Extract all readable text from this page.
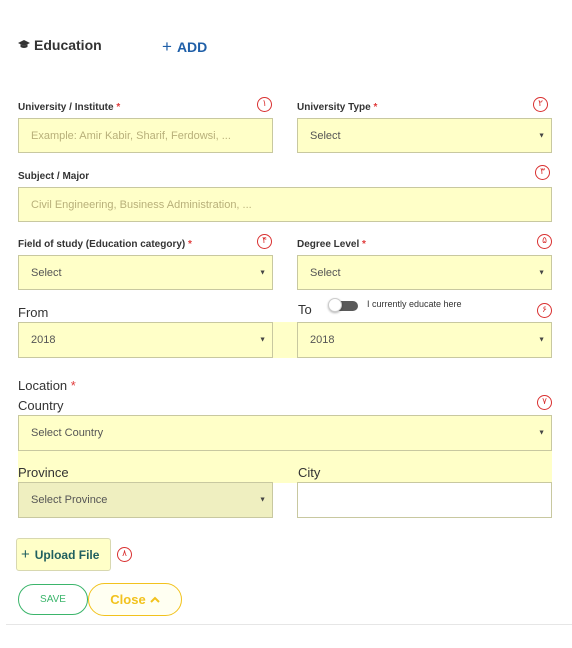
Education	+ ADD
University / Institute *	١
Example: Amir Kabir, Sharif, Ferdowsi, ...
University Type *	٢
Select	▼
Subject / Major	٣
Civil Engineering, Business Administration, ...
Field of study (Education category) *	۴
Select	▼
Degree Level *	۵
Select	▼
From	To	I currently educate here
۶
2018	▼	2018	▼
Location *
Country	٧
Select Country	▼
Province	City
Select Province	▼
+ Upload File	٨
SAVE	Close
